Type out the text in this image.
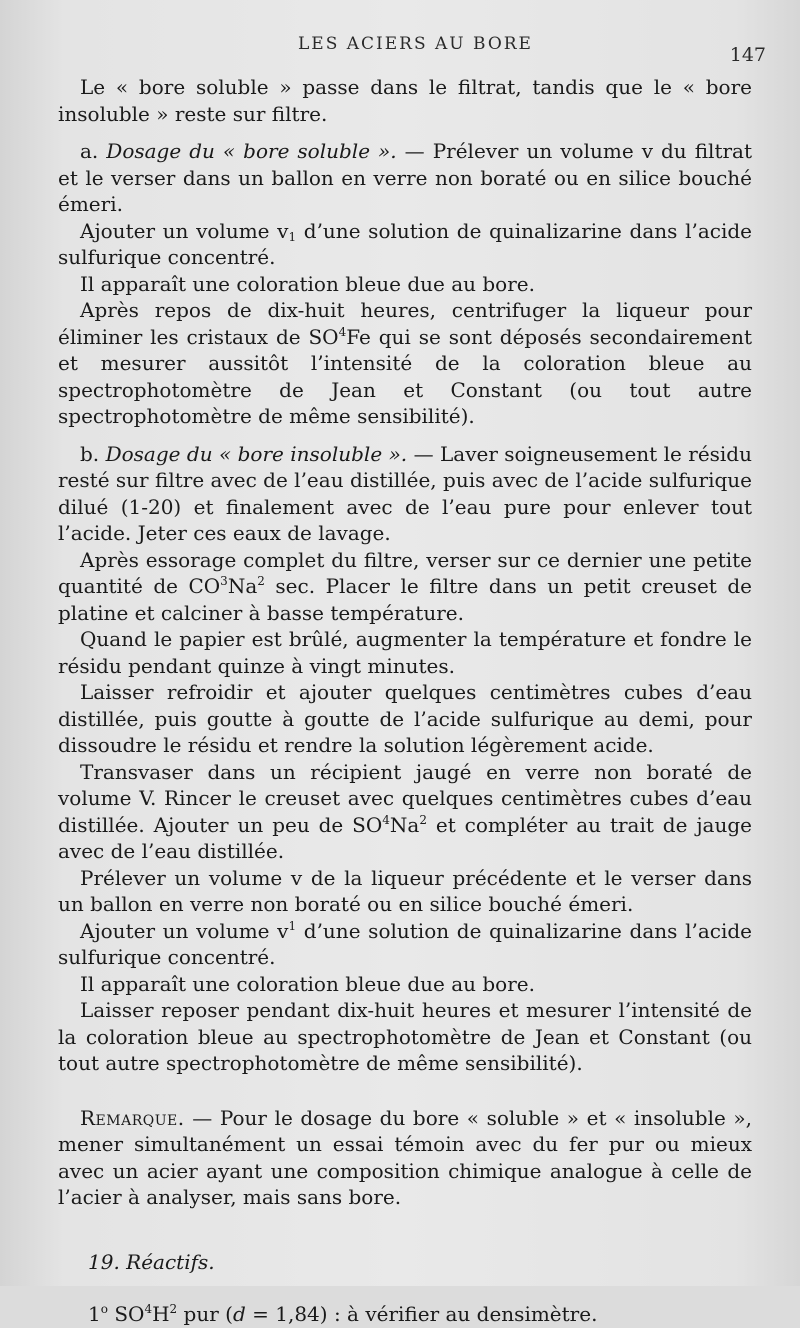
LES ACIERS AU BORE	147

Le « bore soluble » passe dans le filtrat, tandis que le « bore insoluble » reste sur filtre.

a. Dosage du « bore soluble ». — Prélever un volume v du filtrat et le verser dans un ballon en verre non boraté ou en silice bouché émeri.

Ajouter un volume $v_1$ d’une solution de quinalizarine dans l’acide sulfurique concentré.

Il apparaît une coloration bleue due au bore.

Après repos de dix-huit heures, centrifuger la liqueur pour éliminer les cristaux de $SO^4Fe$ qui se sont déposés secondairement et mesurer aussitôt l’intensité de la coloration bleue au spectrophotomètre de Jean et Constant (ou tout autre spectrophotomètre de même sensibilité).

b. Dosage du « bore insoluble ». — Laver soigneusement le résidu resté sur filtre avec de l’eau distillée, puis avec de l’acide sulfurique dilué (1-20) et finalement avec de l’eau pure pour enlever tout l’acide. Jeter ces eaux de lavage.

Après essorage complet du filtre, verser sur ce dernier une petite quantité de $CO^3Na^2$ sec. Placer le filtre dans un petit creuset de platine et calciner à basse température.

Quand le papier est brûlé, augmenter la température et fondre le résidu pendant quinze à vingt minutes.

Laisser refroidir et ajouter quelques centimètres cubes d’eau distillée, puis goutte à goutte de l’acide sulfurique au demi, pour dissoudre le résidu et rendre la solution légèrement acide.

Transvaser dans un récipient jaugé en verre non boraté de volume V. Rincer le creuset avec quelques centimètres cubes d’eau distillée. Ajouter un peu de $SO^4Na^2$ et compléter au trait de jauge avec de l’eau distillée.

Prélever un volume v de la liqueur précédente et le verser dans un ballon en verre non boraté ou en silice bouché émeri.

Ajouter un volume $v^1$ d’une solution de quinalizarine dans l’acide sulfurique concentré.

Il apparaît une coloration bleue due au bore.

Laisser reposer pendant dix-huit heures et mesurer l’intensité de la coloration bleue au spectrophotomètre de Jean et Constant (ou tout autre spectrophotomètre de même sensibilité).

Remarque. — Pour le dosage du bore « soluble » et « insoluble », mener simultanément un essai témoin avec du fer pur ou mieux avec un acier ayant une composition chimique analogue à celle de l’acier à analyser, mais sans bore.

19. Réactifs.

1$^o$ $SO^4H^2$ pur (d = 1,84) : à vérifier au densimètre.
